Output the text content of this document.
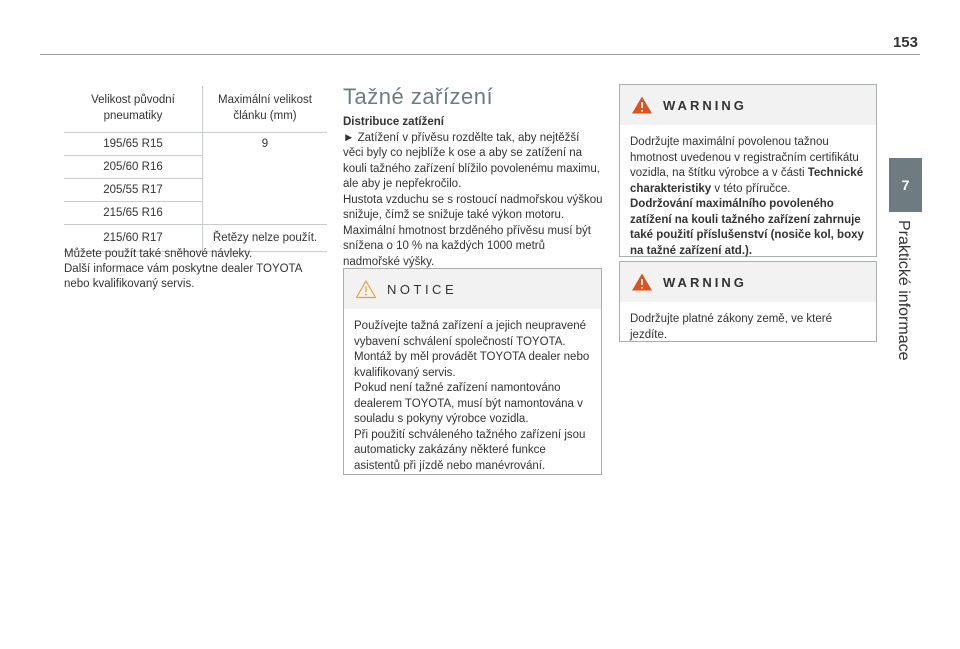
153
7
Praktické informace
Velikost původní pneumatiky	Maximální velikost článku (mm)
195/65 R15	9
205/60 R16	
205/55 R17	
215/65 R16	
215/60 R17	Řetězy nelze použít.
Můžete použít také sněhové návleky.
Další informace vám poskytne dealer TOYOTA nebo kvalifikovaný servis.
Tažné zařízení
Distribuce zatížení
► Zatížení v přívěsu rozdělte tak, aby nejtěžší věci byly co nejblíže k ose a aby se zatížení na kouli tažného zařízení blížilo povolenému maximu, ale aby je nepřekročilo.
Hustota vzduchu se s rostoucí nadmořskou výškou snižuje, čímž se snižuje také výkon motoru. Maximální hmotnost brzděného přívěsu musí být snížena o 10 % na každých 1000 metrů nadmořské výšky.
NOTICE
Používejte tažná zařízení a jejich neupravené vybavení schválení společností TOYOTA. Montáž by měl provádět TOYOTA dealer nebo kvalifikovaný servis.
Pokud není tažné zařízení namontováno dealerem TOYOTA, musí být namontována v souladu s pokyny výrobce vozidla.
Při použití schváleného tažného zařízení jsou automaticky zakázány některé funkce asistentů při jízdě nebo manévrování.
WARNING
Dodržujte maximální povolenou tažnou hmotnost uvedenou v registračním certifikátu vozidla, na štítku výrobce a v části Technické charakteristiky v této příručce.
Dodržování maximálního povoleného zatížení na kouli tažného zařízení zahrnuje také použití příslušenství (nosiče kol, boxy na tažné zařízení atd.).
WARNING
Dodržujte platné zákony země, ve které jezdíte.
